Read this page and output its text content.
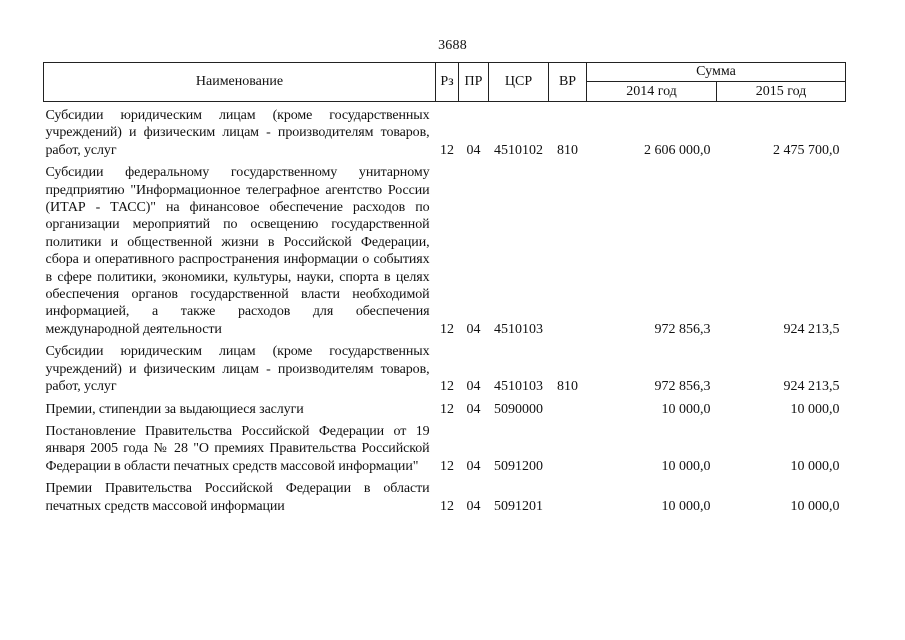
3688
Наименование	Рз	ПР	ЦСР	ВР	Сумма	
					2014 год	2015 год
Субсидии юридическим лицам (кроме государственных учреждений) и физическим лицам - производителям товаров, работ, услуг	12	04	4510102	810	2 606 000,0	2 475 700,0
Субсидии федеральному государственному унитарному предприятию "Информационное телеграфное агентство России (ИТАР - ТАСС)" на финансовое обеспечение расходов по организации мероприятий по освещению государственной политики и общественной жизни в Российской Федерации, сбора и оперативного распространения информации о событиях в сфере политики, экономики, культуры, науки, спорта в целях обеспечения органов государственной власти необходимой информацией, а также расходов для обеспечения международной деятельности	12	04	4510103		972 856,3	924 213,5
Субсидии юридическим лицам (кроме государственных учреждений) и физическим лицам - производителям товаров, работ, услуг	12	04	4510103	810	972 856,3	924 213,5
Премии, стипендии за выдающиеся заслуги	12	04	5090000		10 000,0	10 000,0
Постановление Правительства Российской Федерации от 19 января 2005 года № 28 "О премиях Правительства Российской Федерации в области печатных средств массовой информации"	12	04	5091200		10 000,0	10 000,0
Премии Правительства Российской Федерации в области печатных средств массовой информации	12	04	5091201		10 000,0	10 000,0
